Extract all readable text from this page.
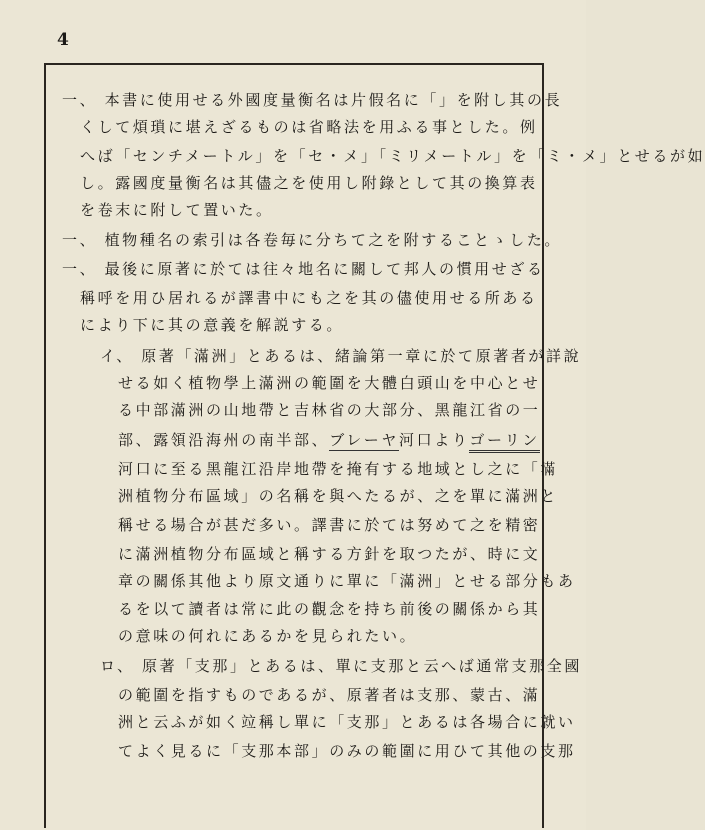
4
一、 本書に使用せる外國度量衡名は片假名に「」を附し其の長
くして煩瑣に堪えざるものは省略法を用ふる事とした。例
へば「センチメートル」を「セ・メ」「ミリメートル」を「ミ・メ」とせるが如
し。露國度量衡名は其儘之を使用し附錄として其の換算表
を卷末に附して置いた。
一、 植物種名の索引は各卷毎に分ちて之を附することゝした。
一、 最後に原著に於ては往々地名に關して邦人の慣用せざる
稱呼を用ひ居れるが譯書中にも之を其の儘使用せる所ある
により下に其の意義を解説する。
イ、 原著「滿洲」とあるは、緒論第一章に於て原著者が詳說
せる如く植物學上滿洲の範圍を大體白頭山を中心とせ
る中部滿洲の山地帶と吉林省の大部分、黑龍江省の一
部、露領沿海州の南半部、ブレーヤ河口よりゴーリン
河口に至る黑龍江沿岸地帶を掩有する地域とし之に「滿
洲植物分布區域」の名稱を與へたるが、之を單に滿洲と
稱せる場合が甚だ多い。譯書に於ては努めて之を精密
に滿洲植物分布區域と稱する方針を取つたが、時に文
章の關係其他より原文通りに單に「滿洲」とせる部分もあ
るを以て讀者は常に此の觀念を持ち前後の關係から其
の意味の何れにあるかを見られたい。
ロ、 原著「支那」とあるは、單に支那と云へば通常支那全國
の範圍を指すものであるが、原著者は支那、蒙古、滿
洲と云ふが如く竝稱し單に「支那」とあるは各場合に就い
てよく見るに「支那本部」のみの範圍に用ひて其他の支那
